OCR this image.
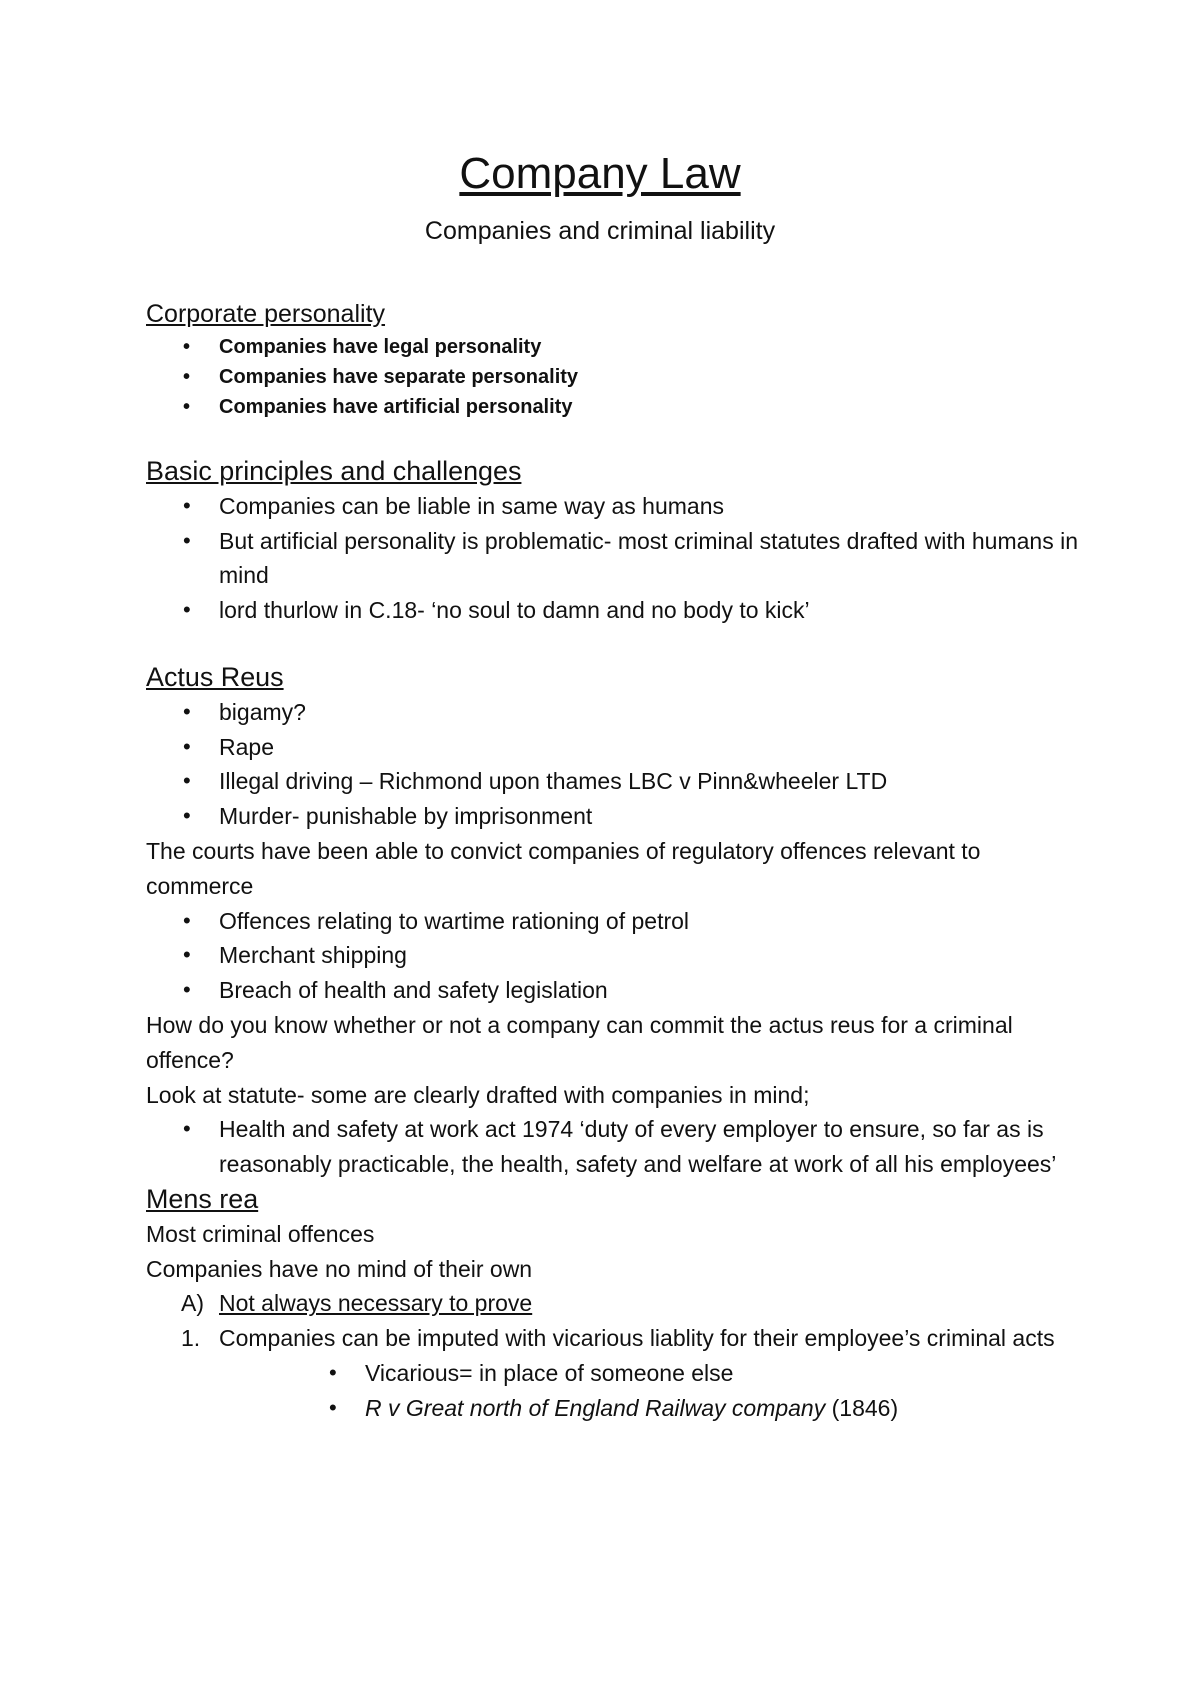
Company Law
Companies and criminal liability
Corporate personality
• Companies have legal personality
• Companies have separate personality
• Companies have artificial personality
Basic principles and challenges
• Companies can be liable in same way as humans
• But artificial personality is problematic- most criminal statutes drafted with humans in mind
• lord thurlow in C.18- ‘no soul to damn and no body to kick’
Actus Reus
• bigamy?
• Rape
• Illegal driving – Richmond upon thames LBC v Pinn&wheeler LTD
• Murder- punishable by imprisonment

The courts have been able to convict companies of regulatory offences relevant to commerce

• Offences relating to wartime rationing of petrol
• Merchant shipping
• Breach of health and safety legislation

How do you know whether or not a company can commit the actus reus for a criminal offence?

Look at statute- some are clearly drafted with companies in mind;

• Health and safety at work act 1974 ‘duty of every employer to ensure, so far as is reasonably practicable, the health, safety and welfare at work of all his employees’
Mens rea

Most criminal offences

Companies have no mind of their own

A) Not always necessary to prove
1. Companies can be imputed with vicarious liablity for their employee’s criminal acts
• Vicarious= in place of someone else
• R v Great north of England Railway company (1846)
